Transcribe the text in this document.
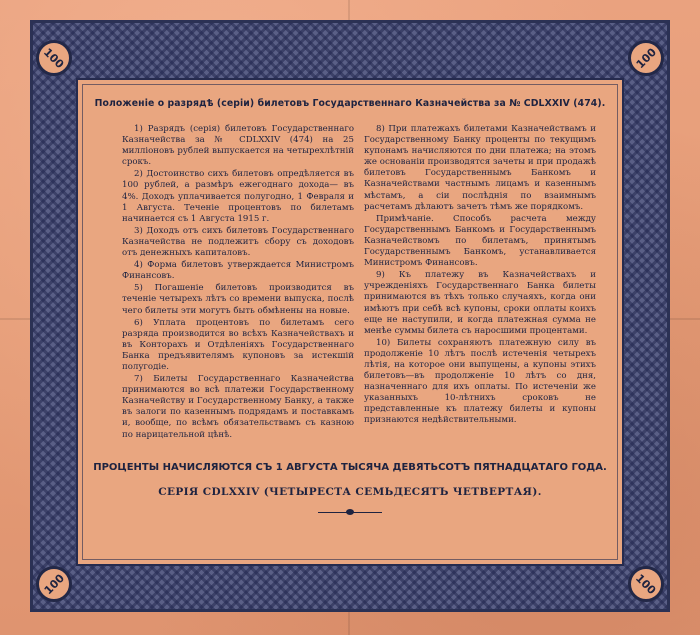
100	100
100	100
Положеніе о разрядѣ (серіи) билетовъ Государственнаго Казначейства за № CDLXXIV (474).

1) Разрядъ (серія) билетовъ Государственнаго Казначейства за № CDLXXIV (474) на 25 милліоновъ рублей выпускается на четырехлѣтній срокъ.

2) Достоинство сихъ билетовъ опредѣляется въ 100 рублей, а размѣръ ежегоднаго дохода— въ 4%. Доходъ уплачивается полугодно, 1 Февраля и 1 Августа. Теченіе процентовъ по билетамъ начинается съ 1 Августа 1915 г.

3) Доходъ отъ сихъ билетовъ Государственнаго Казначейства не подлежитъ сбору съ доходовъ отъ денежныхъ капиталовъ.

4) Форма билетовъ утверждается Министромъ Финансовъ.

5) Погашеніе билетовъ производится въ теченіе четырехъ лѣтъ со времени выпуска, послѣ чего билеты эти могутъ быть обмѣнены на новые.

6) Уплата процентовъ по билетамъ сего разряда производится во всѣхъ Казначействахъ и въ Конторахъ и Отдѣленіяхъ Государственнаго Банка предъявителямъ купоновъ за истекшій полугодіе.

7) Билеты Государственнаго Казначейства принимаются во всѣ платежи Государственному Казначейству и Государственному Банку, а также въ залоги по казеннымъ подрядамъ и поставкамъ и, вообще, по всѣмъ обязательствамъ съ казною по нарицательной цѣнѣ.

8) При платежахъ билетами Казначействамъ и Государственному Банку проценты по текущимъ купонамъ начисляются по дни платежа; на этомъ же основаніи производятся зачеты и при продажѣ билетовъ Государственнымъ Банкомъ и Казначействами частнымъ лицамъ и казеннымъ мѣстамъ, а сіи послѣднія по взаимнымъ расчетамъ дѣлаютъ зачетъ тѣмъ же порядкомъ.

Примѣчаніе. Способъ расчета между Государственнымъ Банкомъ и Государственнымъ Казначействомъ по билетамъ, принятымъ Государственнымъ Банкомъ, устанавливается Министромъ Финансовъ.

9) Къ платежу въ Казначействахъ и учрежденіяхъ Государственнаго Банка билеты принимаются въ тѣхъ только случаяхъ, когда они имѣютъ при себѣ всѣ купоны, сроки оплаты коихъ еще не наступили, и когда платежная сумма не менѣе суммы билета съ наросшими процентами.

10) Билеты сохраняютъ платежную силу въ продолженіе 10 лѣтъ послѣ истеченія четырехъ лѣтія, на которое они выпущены, а купоны этихъ билетовъ—въ продолженіе 10 лѣтъ со дня, назначеннаго для ихъ оплаты. По истеченіи же указанныхъ 10-лѣтнихъ сроковъ не представленные къ платежу билеты и купоны признаются недѣйствительными.

ПРОЦЕНТЫ НАЧИСЛЯЮТСЯ СЪ 1 АВГУСТА ТЫСЯЧА ДЕВЯТЬСОТЪ ПЯТНАДЦАТАГО ГОДА.
СЕРІЯ CDLXXIV (ЧЕТЫРЕСТА СЕМЬДЕСЯТЪ ЧЕТВЕРТАЯ).
